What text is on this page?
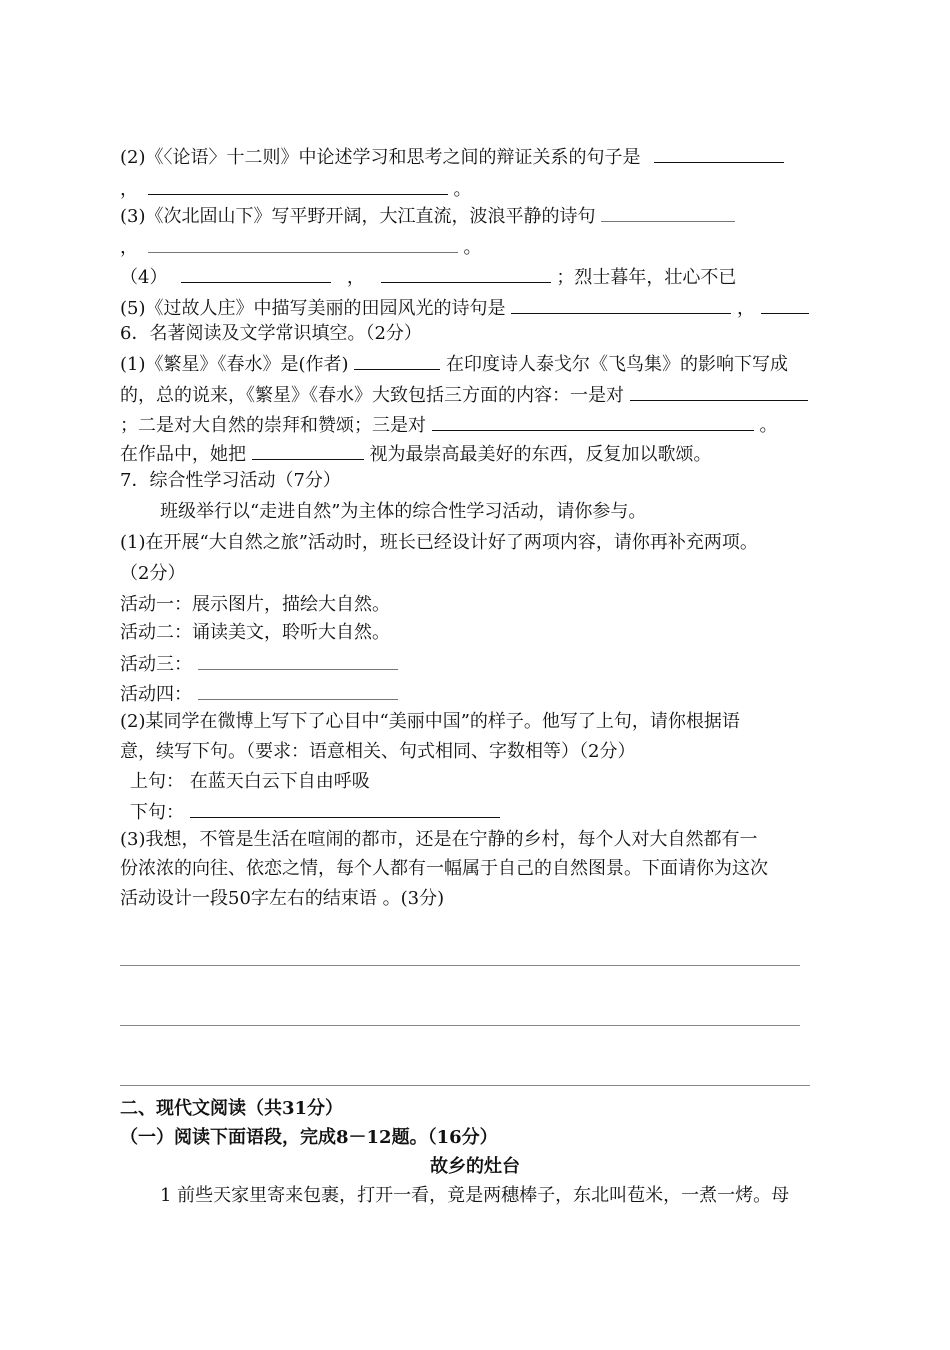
(2)《〈论语〉十二则》中论述学习和思考之间的辩证关系的句子是
，	。
(3)《次北固山下》写平野开阔，大江直流，波浪平静的诗句
，	。
（4）	，	；烈士暮年，壮心不已
(5)《过故人庄》中描写美丽的田园风光的诗句是	，
6．名著阅读及文学常识填空。（2分）
(1)《繁星》《春水》是(作者)	在印度诗人泰戈尔《飞鸟集》的影响下写成
的，总的说来，《繁星》《春水》大致包括三方面的内容：一是对
；二是对大自然的崇拜和赞颂；三是对	。
在作品中，她把	视为最崇高最美好的东西，反复加以歌颂。
7．综合性学习活动（7分）
班级举行以“走进自然”为主体的综合性学习活动，请你参与。
(1)在开展“大自然之旅”活动时，班长已经设计好了两项内容，请你再补充两项。
（2分）
活动一：展示图片，描绘大自然。
活动二：诵读美文，聆听大自然。
活动三：
活动四：
(2)某同学在微博上写下了心目中“美丽中国”的样子。他写了上句，请你根据语
意，续写下句。（要求：语意相关、句式相同、字数相等）（2分）
上句： 在蓝天白云下自由呼吸
下句：
(3)我想，不管是生活在喧闹的都市，还是在宁静的乡村，每个人对大自然都有一
份浓浓的向往、依恋之情，每个人都有一幅属于自己的自然图景。下面请你为这次
活动设计一段50字左右的结束语 。(3分)
二、现代文阅读（共31分）
（一）阅读下面语段，完成8－12题。（16分）
故乡的灶台
1 前些天家里寄来包裹，打开一看，竟是两穗棒子，东北叫苞米，一煮一烤。母
